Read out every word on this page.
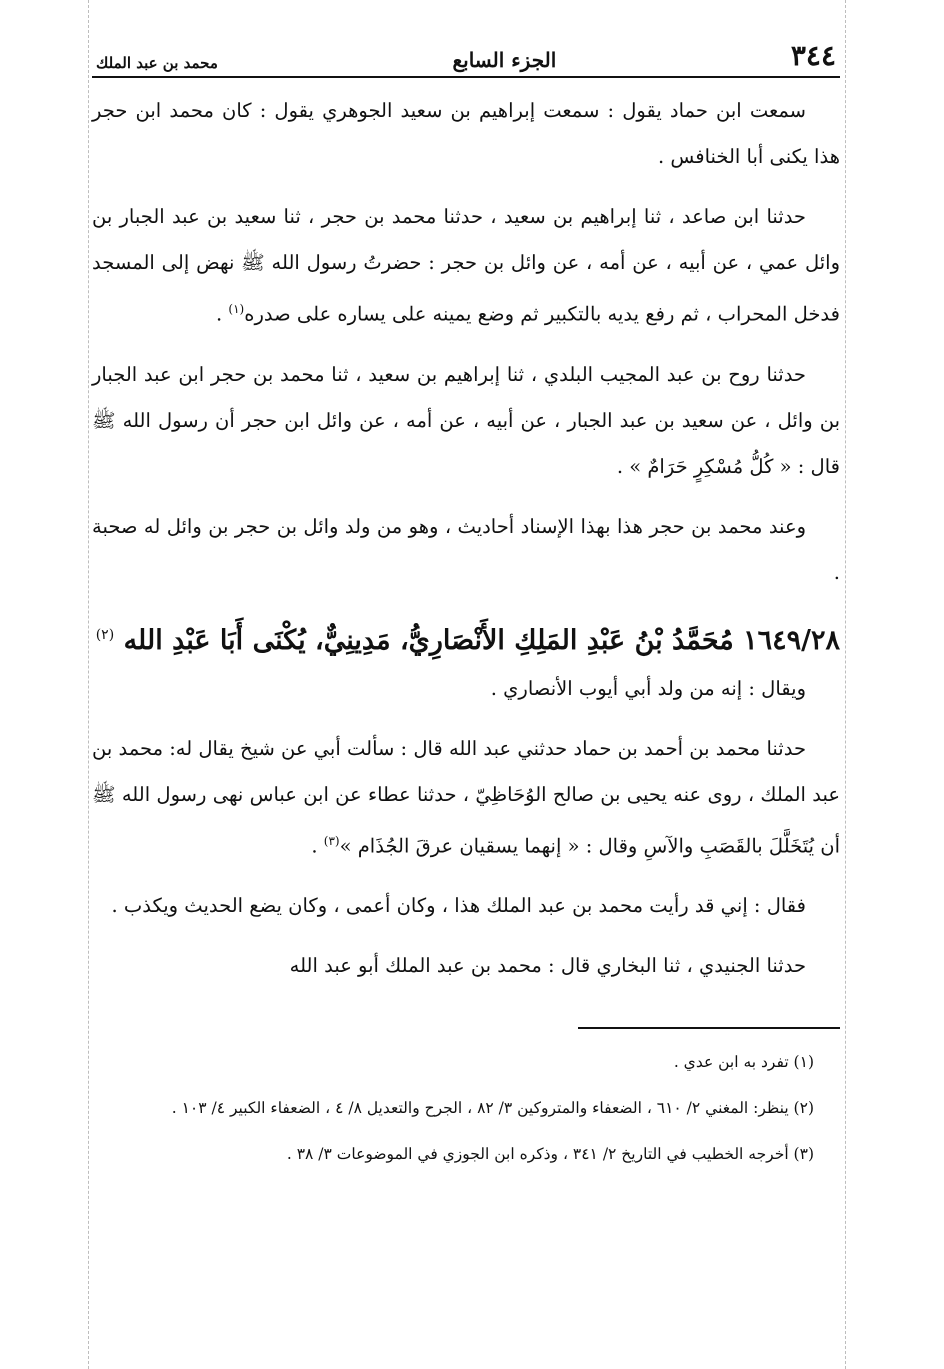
٣٤٤
الجزء السابع
محمد بن عبد الملك

سمعت ابن حماد يقول : سمعت إبراهيم بن سعيد الجوهري يقول : كان محمد ابن حجر هذا يكنى أبا الخنافس .

حدثنا ابن صاعد ، ثنا إبراهيم بن سعيد ، حدثنا محمد بن حجر ، ثنا سعيد بن عبد الجبار بن وائل عمي ، عن أبيه ، عن أمه ، عن وائل بن حجر : حضرتُ رسول الله ﷺ نهض إلى المسجد فدخل المحراب ، ثم رفع يديه بالتكبير ثم وضع يمينه على يساره على صدره$^{(١)}$ .

حدثنا روح بن عبد المجيب البلدي ، ثنا إبراهيم بن سعيد ، ثنا محمد بن حجر ابن عبد الجبار بن وائل ، عن سعيد بن عبد الجبار ، عن أبيه ، عن أمه ، عن وائل ابن حجر أن رسول الله ﷺ قال : « كُلُّ مُسْكِرٍ حَرَامٌ » .

وعند محمد بن حجر هذا بهذا الإسناد أحاديث ، وهو من ولد وائل بن حجر بن وائل له صحبة .

١٦٤٩/٢٨ مُحَمَّدُ بْنُ عَبْدِ المَلِكِ الأَنْصَارِيُّ، مَدِينِيٌّ، يُكْنَى أَبَا عَبْدِ الله $^{(٢)}$

ويقال : إنه من ولد أبي أيوب الأنصاري .

حدثنا محمد بن أحمد بن حماد حدثني عبد الله قال : سألت أبي عن شيخ يقال له: محمد بن عبد الملك ، روى عنه يحيى بن صالح الوُحَاظِيّ ، حدثنا عطاء عن ابن عباس نهى رسول الله ﷺ أن يُتَخَلَّلَ بالقَصَبِ والآسِ وقال : « إنهما يسقيان عرقَ الجُذَام »$^{(٣)}$ .

فقال : إني قد رأيت محمد بن عبد الملك هذا ، وكان أعمى ، وكان يضع الحديث ويكذب .

حدثنا الجنيدي ، ثنا البخاري قال : محمد بن عبد الملك أبو عبد الله

(١) تفرد به ابن عدي .

(٢) ينظر: المغني ٢/ ٦١٠ ، الضعفاء والمتروكين ٣/ ٨٢ ، الجرح والتعديل ٨/ ٤ ، الضعفاء الكبير ٤/ ١٠٣ .

(٣) أخرجه الخطيب في التاريخ ٢/ ٣٤١ ، وذكره ابن الجوزي في الموضوعات ٣/ ٣٨ .
